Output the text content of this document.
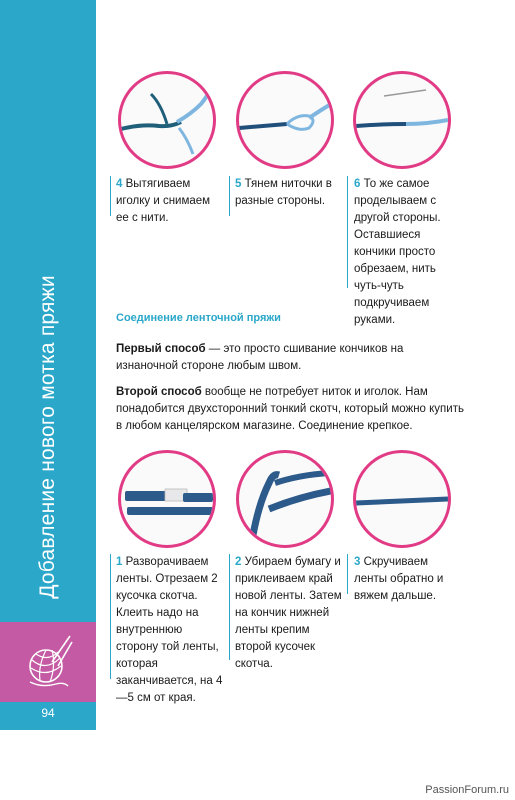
Добавление нового мотка пряжи
94
4 Вытягиваем иголку и снимаем ее с нити.
5 Тянем ниточки в разные стороны.
6 То же самое проделываем с другой стороны. Оставшиеся кончики просто обрезаем, нить чуть-чуть подкручиваем руками.
Соединение ленточной пряжи
Первый способ — это просто сшивание кончиков на изнаночной стороне любым швом.
Второй способ вообще не потребует ниток и иголок. Нам понадобится двухсторонний тонкий скотч, который можно купить в любом канцелярском магазине. Соединение крепкое.
1 Разворачиваем ленты. Отрезаем 2 кусочка скотча. Клеить надо на внутреннюю сторону той ленты, которая заканчивается, на 4—5 см от края.
2 Убираем бумагу и приклеиваем край новой ленты. Затем на кончик нижней ленты крепим второй кусочек скотча.
3 Скручиваем ленты обратно и вяжем дальше.
PassionForum.ru
